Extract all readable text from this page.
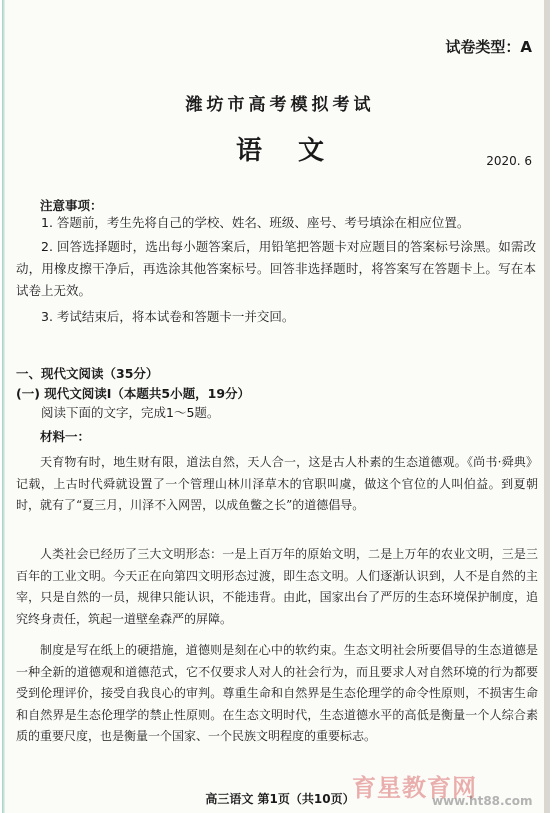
试卷类型：A
潍坊市高考模拟考试
语文	2020. 6
注意事项：
1. 答题前，考生先将自己的学校、姓名、班级、座号、考号填涂在相应位置。
2. 回答选择题时，选出每小题答案后，用铅笔把答题卡对应题目的答案标号涂黑。如需改动，用橡皮擦干净后，再选涂其他答案标号。回答非选择题时，将答案写在答题卡上。写在本试卷上无效。
3. 考试结束后，将本试卷和答题卡一并交回。
一、现代文阅读（35分）
(一) 现代文阅读Ⅰ（本题共5小题，19分）
阅读下面的文字，完成1～5题。
材料一：
天育物有时，地生财有限，道法自然，天人合一，这是古人朴素的生态道德观。《尚书·舜典》记载，上古时代舜就设置了一个管理山林川泽草木的官职叫虞，做这个官位的人叫伯益。到夏朝时，就有了“夏三月，川泽不入网罟，以成鱼鳖之长”的道德倡导。
人类社会已经历了三大文明形态：一是上百万年的原始文明，二是上万年的农业文明，三是三百年的工业文明。今天正在向第四文明形态过渡，即生态文明。人们逐渐认识到，人不是自然的主宰，只是自然的一员，规律只能认识，不能违背。由此，国家出台了严厉的生态环境保护制度，追究终身责任，筑起一道壁垒森严的屏障。
制度是写在纸上的硬措施，道德则是刻在心中的软约束。生态文明社会所要倡导的生态道德是一种全新的道德观和道德范式，它不仅要求人对人的社会行为，而且要求人对自然环境的行为都要受到伦理评价，接受自我良心的审判。尊重生命和自然界是生态伦理学的命令性原则，不损害生命和自然界是生态伦理学的禁止性原则。在生态文明时代，生态道德水平的高低是衡量一个人综合素质的重要尺度，也是衡量一个国家、一个民族文明程度的重要标志。
高三语文 第1页（共10页）
育星教育网
www.ht88.com
